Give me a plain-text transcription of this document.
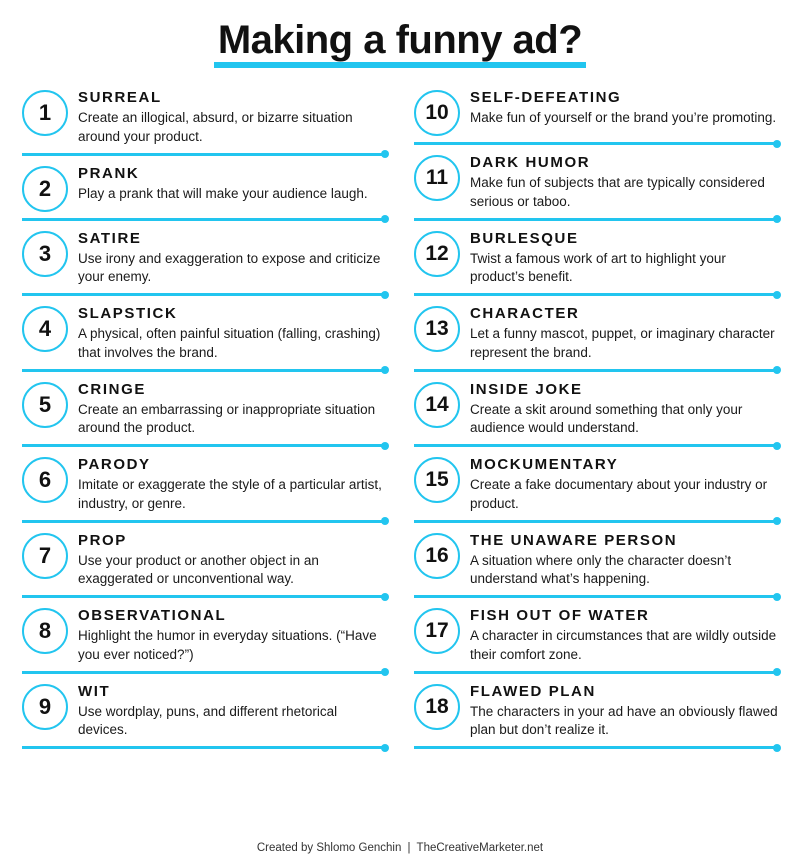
Making a funny ad?
1
SURREAL
Create an illogical, absurd, or bizarre situation around your product.
2
PRANK
Play a prank that will make your audience laugh.
3
SATIRE
Use irony and exaggeration to expose and criticize your enemy.
4
SLAPSTICK
A physical, often painful situation (falling, crashing) that involves the brand.
5
CRINGE
Create an embarrassing or inappropriate situation around the product.
6
PARODY
Imitate or exaggerate the style of a particular artist, industry, or genre.
7
PROP
Use your product or another object in an exaggerated or unconventional way.
8
OBSERVATIONAL
Highlight the humor in everyday situations. (“Have you ever noticed?”)
9
WIT
Use wordplay, puns, and different rhetorical devices.
10
SELF-DEFEATING
Make fun of yourself or the brand you’re promoting.
11
DARK HUMOR
Make fun of subjects that are typically considered serious or taboo.
12
BURLESQUE
Twist a famous work of art to highlight your product’s benefit.
13
CHARACTER
Let a funny mascot, puppet, or imaginary character represent the brand.
14
INSIDE JOKE
Create a skit around something that only your audience would understand.
15
MOCKUMENTARY
Create a fake documentary about your industry or product.
16
THE UNAWARE PERSON
A situation where only the character doesn’t understand what’s happening.
17
FISH OUT OF WATER
A character in circumstances that are wildly outside their comfort zone.
18
FLAWED PLAN
The characters in your ad have an obviously flawed plan but don’t realize it.
Created by Shlomo Genchin | TheCreativeMarketer.net
